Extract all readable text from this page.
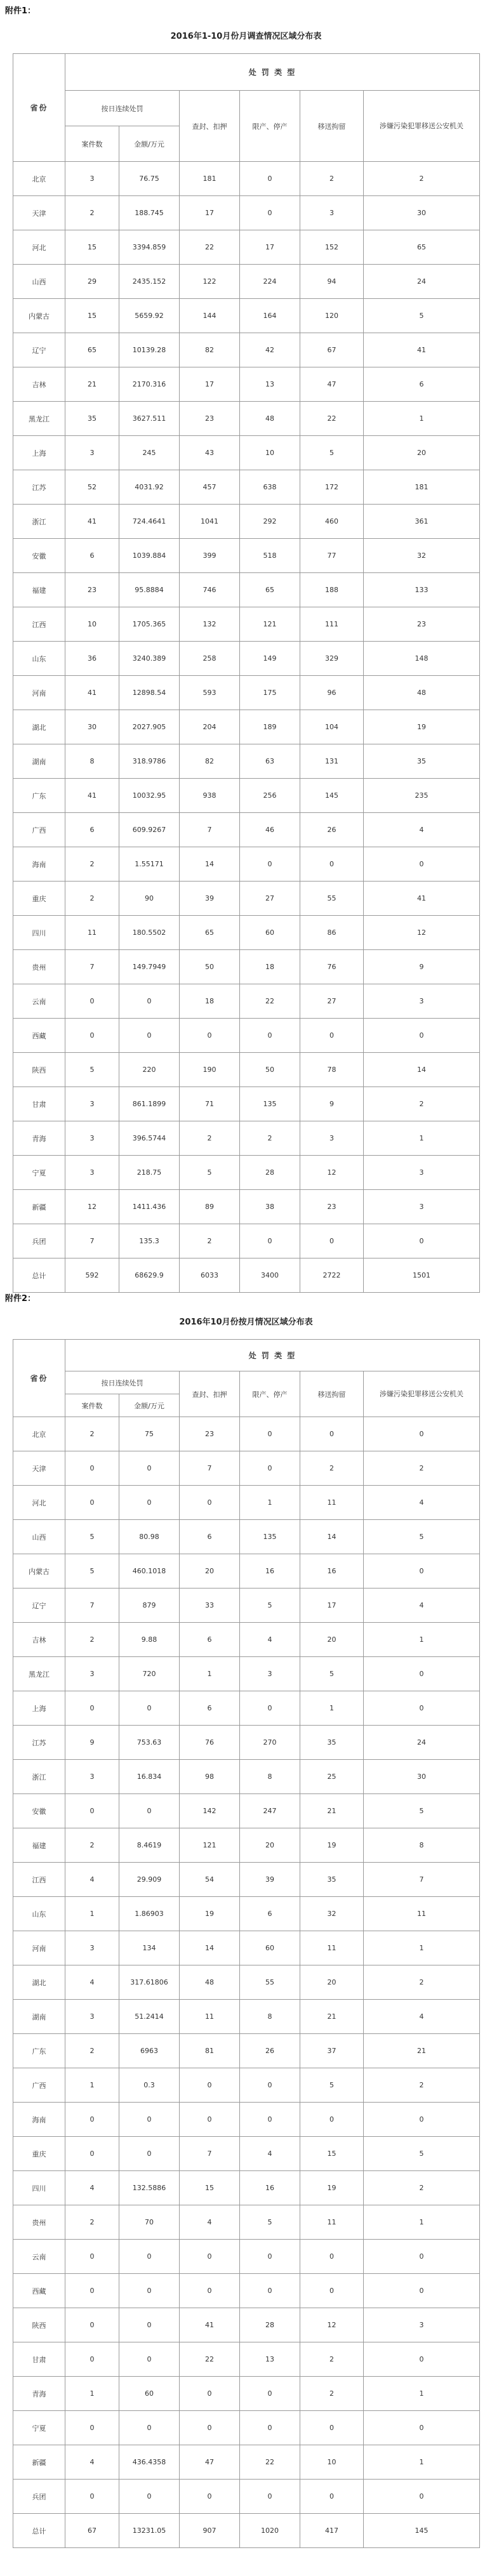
附件1：
2016年1-10月份月调查情况区域分布表
省份	处 罚 类 型					
	按日连续处罚		查封、扣押	限产、停产	移送拘留	涉嫌污染犯罪移送公安机关
	案件数	金额/万元				
北京	3	76.75	181	0	2	2
天津	2	188.745	17	0	3	30
河北	15	3394.859	22	17	152	65
山西	29	2435.152	122	224	94	24
内蒙古	15	5659.92	144	164	120	5
辽宁	65	10139.28	82	42	67	41
吉林	21	2170.316	17	13	47	6
黑龙江	35	3627.511	23	48	22	1
上海	3	245	43	10	5	20
江苏	52	4031.92	457	638	172	181
浙江	41	724.4641	1041	292	460	361
安徽	6	1039.884	399	518	77	32
福建	23	95.8884	746	65	188	133
江西	10	1705.365	132	121	111	23
山东	36	3240.389	258	149	329	148
河南	41	12898.54	593	175	96	48
湖北	30	2027.905	204	189	104	19
湖南	8	318.9786	82	63	131	35
广东	41	10032.95	938	256	145	235
广西	6	609.9267	7	46	26	4
海南	2	1.55171	14	0	0	0
重庆	2	90	39	27	55	41
四川	11	180.5502	65	60	86	12
贵州	7	149.7949	50	18	76	9
云南	0	0	18	22	27	3
西藏	0	0	0	0	0	0
陕西	5	220	190	50	78	14
甘肃	3	861.1899	71	135	9	2
青海	3	396.5744	2	2	3	1
宁夏	3	218.75	5	28	12	3
新疆	12	1411.436	89	38	23	3
兵团	7	135.3	2	0	0	0
总计	592	68629.9	6033	3400	2722	1501
附件2：
2016年10月份按月情况区域分布表
省份	处 罚 类 型					
	按日连续处罚		查封、扣押	限产、停产	移送拘留	涉嫌污染犯罪移送公安机关
	案件数	金额/万元				
北京	2	75	23	0	0	0
天津	0	0	7	0	2	2
河北	0	0	0	1	11	4
山西	5	80.98	6	135	14	5
内蒙古	5	460.1018	20	16	16	0
辽宁	7	879	33	5	17	4
吉林	2	9.88	6	4	20	1
黑龙江	3	720	1	3	5	0
上海	0	0	6	0	1	0
江苏	9	753.63	76	270	35	24
浙江	3	16.834	98	8	25	30
安徽	0	0	142	247	21	5
福建	2	8.4619	121	20	19	8
江西	4	29.909	54	39	35	7
山东	1	1.86903	19	6	32	11
河南	3	134	14	60	11	1
湖北	4	317.61806	48	55	20	2
湖南	3	51.2414	11	8	21	4
广东	2	6963	81	26	37	21
广西	1	0.3	0	0	5	2
海南	0	0	0	0	0	0
重庆	0	0	7	4	15	5
四川	4	132.5886	15	16	19	2
贵州	2	70	4	5	11	1
云南	0	0	0	0	0	0
西藏	0	0	0	0	0	0
陕西	0	0	41	28	12	3
甘肃	0	0	22	13	2	0
青海	1	60	0	0	2	1
宁夏	0	0	0	0	0	0
新疆	4	436.4358	47	22	10	1
兵团	0	0	0	0	0	0
总计	67	13231.05	907	1020	417	145
